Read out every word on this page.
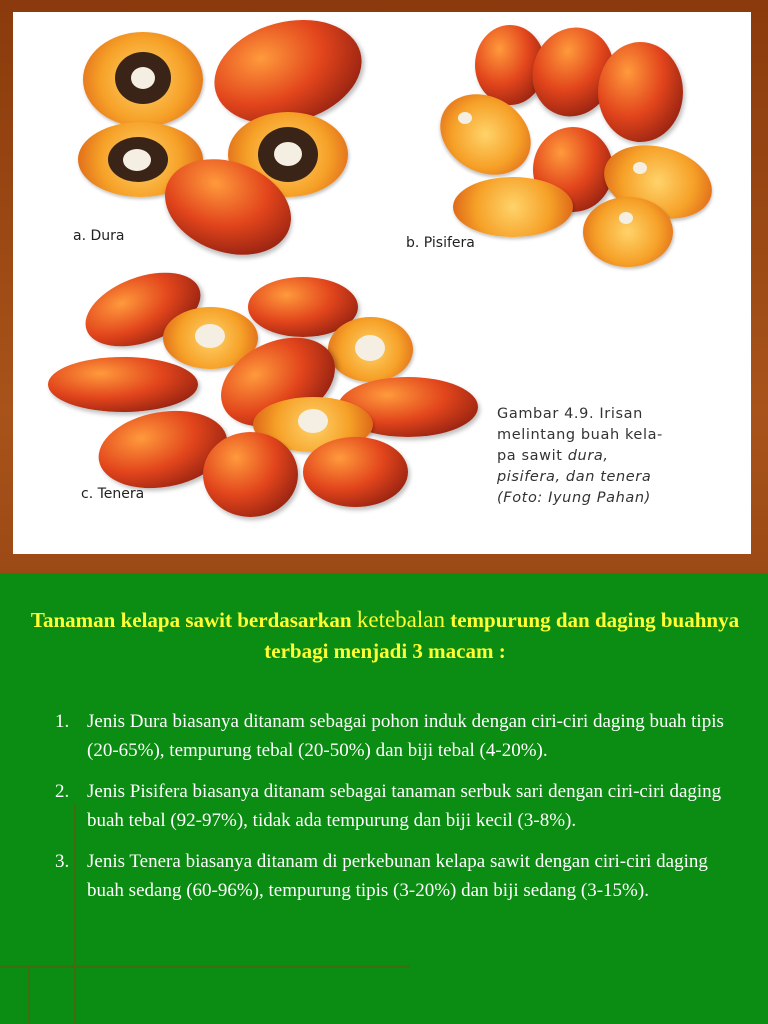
a. Dura	b. Pisifera
c. Tenera
Gambar 4.9. Irisan
melintang buah kela-
pa sawit dura,
pisifera, dan tenera
(Foto: Iyung Pahan)
Tanaman kelapa sawit berdasarkan ketebalan tempurung dan daging buahnya terbagi menjadi 3 macam :
1. Jenis Dura biasanya ditanam sebagai pohon induk dengan ciri-ciri daging buah tipis (20-65%), tempurung tebal (20-50%) dan biji tebal (4-20%).
2. Jenis Pisifera biasanya ditanam sebagai tanaman serbuk sari dengan ciri-ciri daging buah tebal (92-97%), tidak ada tempurung dan biji kecil (3-8%).
3. Jenis Tenera biasanya ditanam di perkebunan kelapa sawit dengan ciri-ciri daging buah sedang (60-96%), tempurung tipis (3-20%) dan biji sedang (3-15%).
